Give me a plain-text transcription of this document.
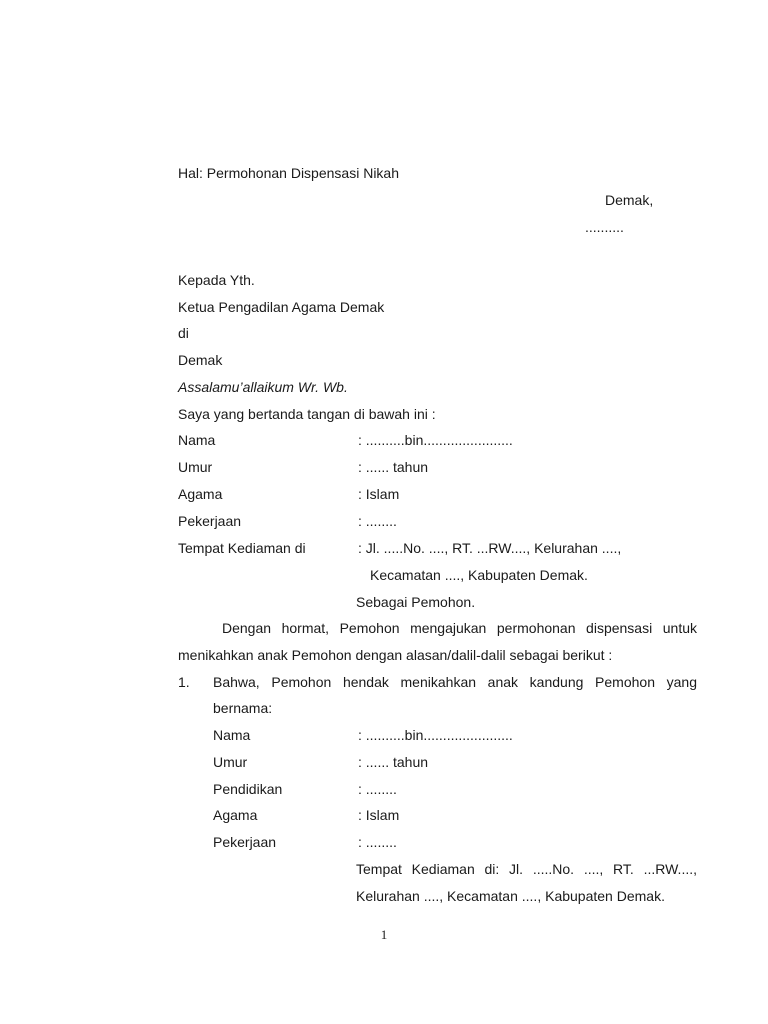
Hal: Permohonan Dispensasi Nikah
Demak,
..........
Kepada Yth.
Ketua Pengadilan Agama Demak
di
Demak
Assalamu’allaikum Wr. Wb.
Saya yang bertanda tangan di bawah ini :
Nama	: ..........bin.......................
Umur	: ...... tahun
Agama	: Islam
Pekerjaan	: ........
Tempat Kediaman di	: Jl. .....No. ...., RT. ...RW...., Kelurahan ....,
Kecamatan ...., Kabupaten Demak.
Sebagai Pemohon.
Dengan hormat, Pemohon mengajukan permohonan dispensasi untuk
menikahkan anak Pemohon dengan alasan/dalil-dalil sebagai berikut :
1. Bahwa, Pemohon hendak menikahkan anak kandung Pemohon yang
bernama:
Nama	: ..........bin.......................
Umur	: ...... tahun
Pendidikan	: ........
Agama	: Islam
Pekerjaan	: ........
Tempat Kediaman di: Jl. .....No. ...., RT. ...RW....,
Kelurahan ...., Kecamatan ...., Kabupaten Demak.
1
